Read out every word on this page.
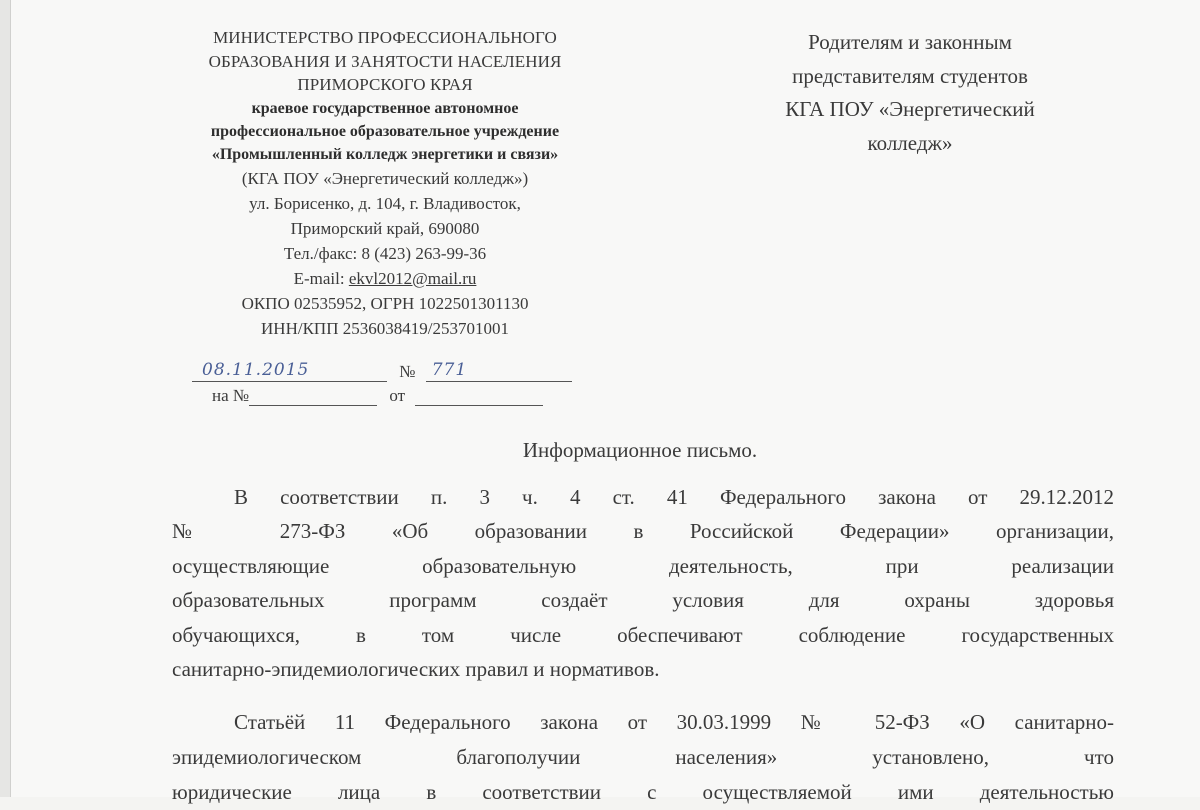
МИНИСТЕРСТВО ПРОФЕССИОНАЛЬНОГО
ОБРАЗОВАНИЯ И ЗАНЯТОСТИ НАСЕЛЕНИЯ
ПРИМОРСКОГО КРАЯ
краевое государственное автономное
профессиональное образовательное учреждение
«Промышленный колледж энергетики и связи»
(КГА ПОУ «Энергетический колледж»)
ул. Борисенко, д. 104, г. Владивосток,
Приморский край, 690080
Тел./факс: 8 (423) 263-99-36
E-mail: ekvl2012@mail.ru
ОКПО 02535952, ОГРН 1022501301130
ИНН/КПП 2536038419/253701001
08.11.2015	№ 771
на №	от
Родителям и законным
представителям студентов
КГА ПОУ «Энергетический
колледж»
Информационное письмо.
В соответствии п. 3 ч. 4 ст. 41 Федерального закона от 29.12.2012
№ 273-ФЗ «Об образовании в Российской Федерации» организации,
осуществляющие образовательную деятельность, при реализации
образовательных программ создаёт условия для охраны здоровья
обучающихся, в том числе обеспечивают соблюдение государственных
санитарно-эпидемиологических правил и нормативов.
Статьёй 11 Федерального закона от 30.03.1999 № 52-ФЗ «О санитарно-
эпидемиологическом благополучии населения» установлено, что
юридические лица в соответствии с осуществляемой ими деятельностью
